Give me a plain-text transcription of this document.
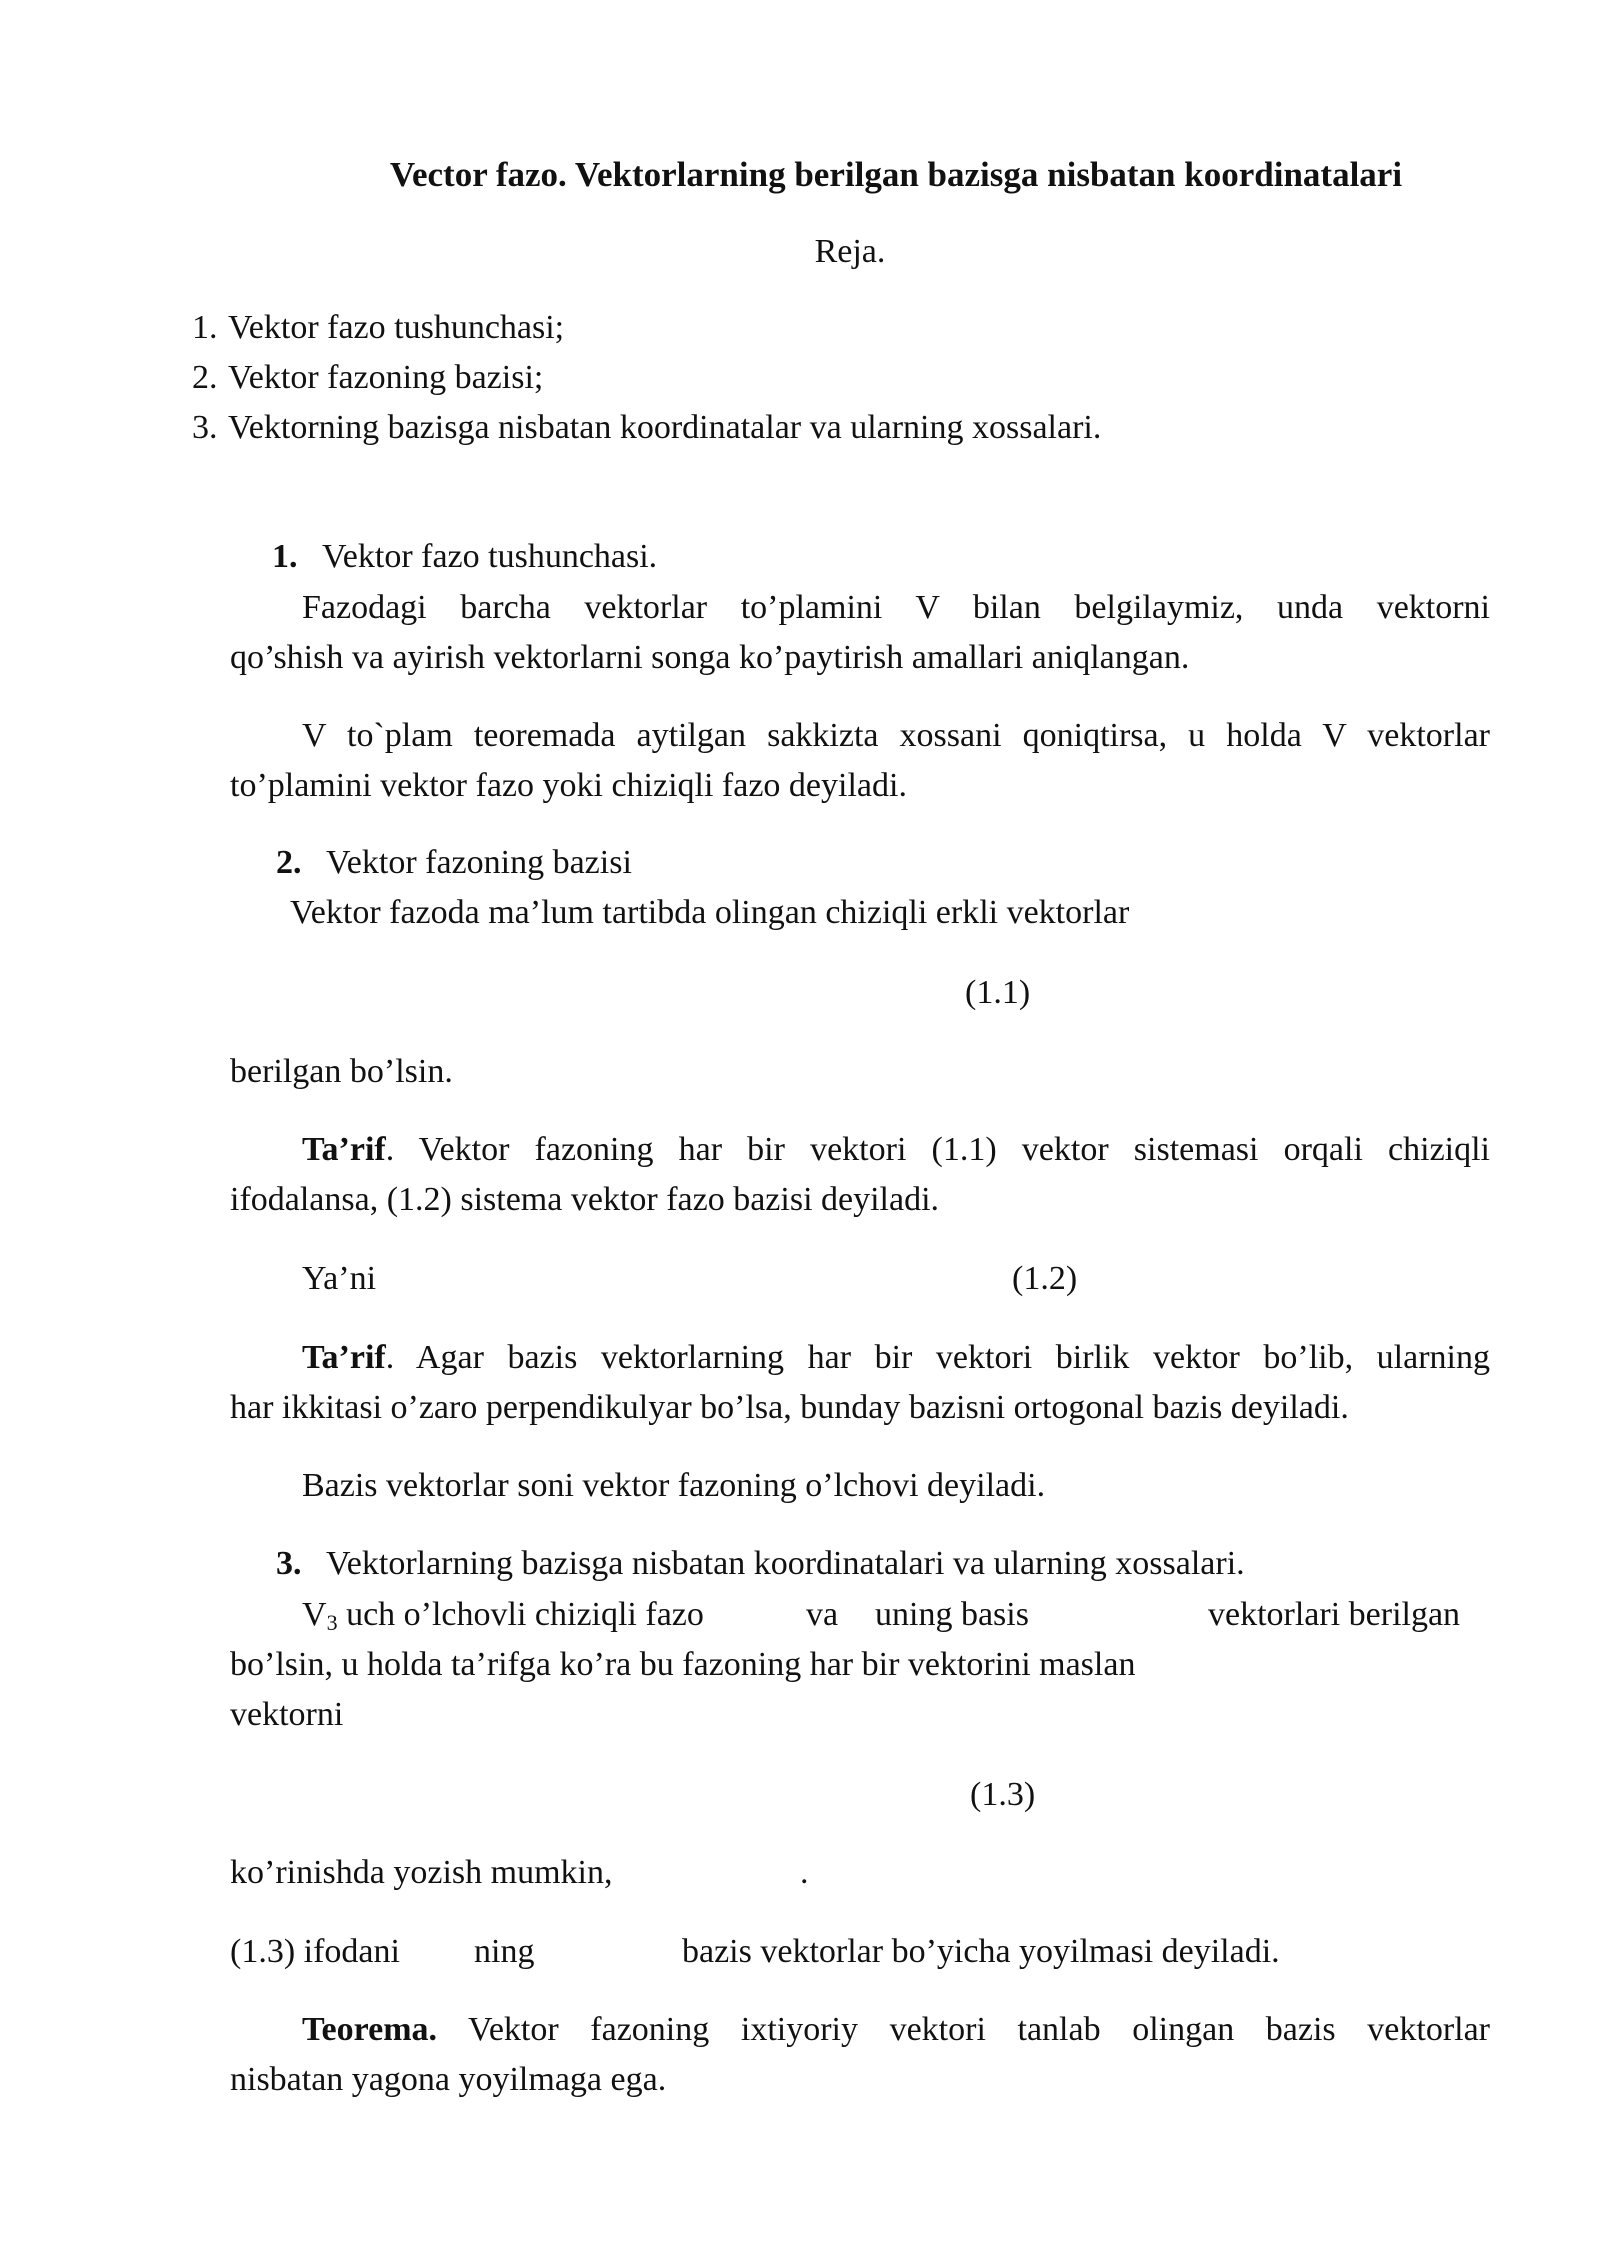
Vector fazo. Vektorlarning berilgan bazisga nisbatan koordinatalari
Reja.
1. Vektor fazo tushunchasi;
2. Vektor fazoning bazisi;
3. Vektorning bazisga nisbatan koordinatalar va ularning xossalari.
1. Vektor fazo tushunchasi.
Fazodagi barcha vektorlar to’plamini V bilan belgilaymiz, unda vektorni
qo’shish va ayirish vektorlarni songa ko’paytirish amallari aniqlangan.
V to`plam teoremada aytilgan sakkizta xossani qoniqtirsa, u holda V vektorlar
to’plamini vektor fazo yoki chiziqli fazo deyiladi.
2. Vektor fazoning bazisi
Vektor fazoda ma’lum tartibda olingan chiziqli erkli vektorlar
(1.1)
berilgan bo’lsin.
Ta’rif. Vektor fazoning har bir vektori (1.1) vektor sistemasi orqali chiziqli
ifodalansa, (1.2) sistema vektor fazo bazisi deyiladi.
Ya’ni	(1.2)
Ta’rif. Agar bazis vektorlarning har bir vektori birlik vektor bo’lib, ularning
har ikkitasi o’zaro perpendikulyar bo’lsa, bunday bazisni ortogonal bazis deyiladi.
Bazis vektorlar soni vektor fazoning o’lchovi deyiladi.
3. Vektorlarning bazisga nisbatan koordinatalari va ularning xossalari.
$V_3$ uch o’lchovli chiziqli fazo	va uning basis	vektorlari berilgan
bo’lsin, u holda ta’rifga ko’ra bu fazoning har bir vektorini maslan
vektorni
(1.3)
ko’rinishda yozish mumkin,	.
(1.3) ifodani ning	bazis vektorlar bo’yicha yoyilmasi deyiladi.
Teorema. Vektor fazoning ixtiyoriy vektori tanlab olingan bazis vektorlar
nisbatan yagona yoyilmaga ega.
